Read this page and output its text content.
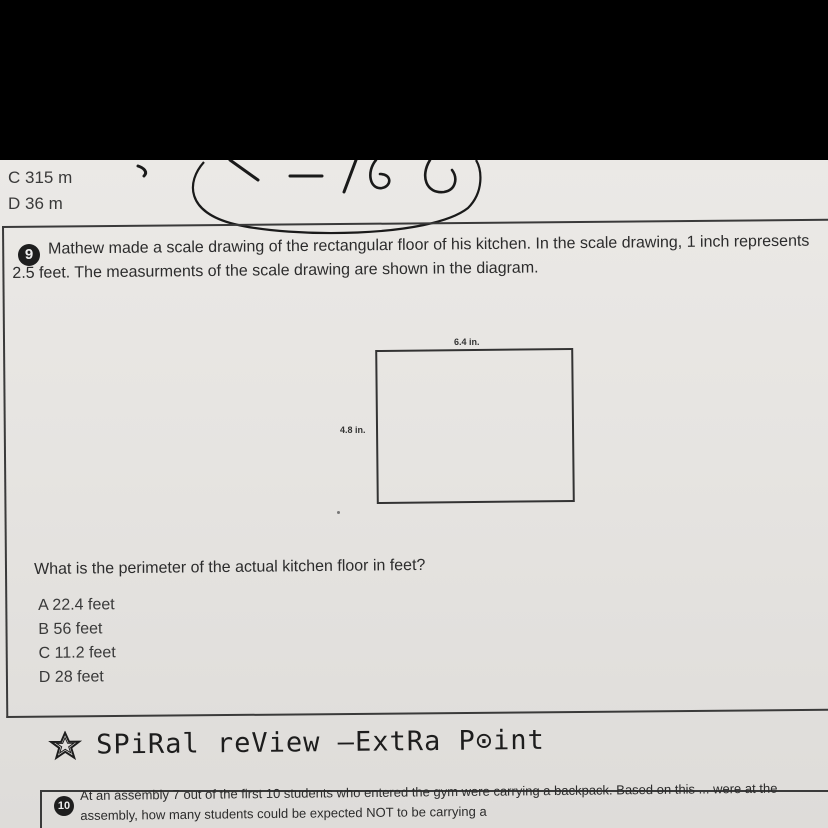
C 315 m
D 36 m
9 Mathew made a scale drawing of the rectangular floor of his kitchen. In the scale drawing, 1 inch represents 2.5 feet. The measurments of the scale drawing are shown in the diagram.
6.4 in.
4.8 in.
What is the perimeter of the actual kitchen floor in feet?
A 22.4 feet
B 56 feet
C 11.2 feet
D 28 feet
SPiRal reView –ExtRa P⊙int
10
At an assembly 7 out of the first 10 students who entered the gym were carrying a backpack. Based on this ... were at the assembly, how many students could be expected NOT to be carrying a
